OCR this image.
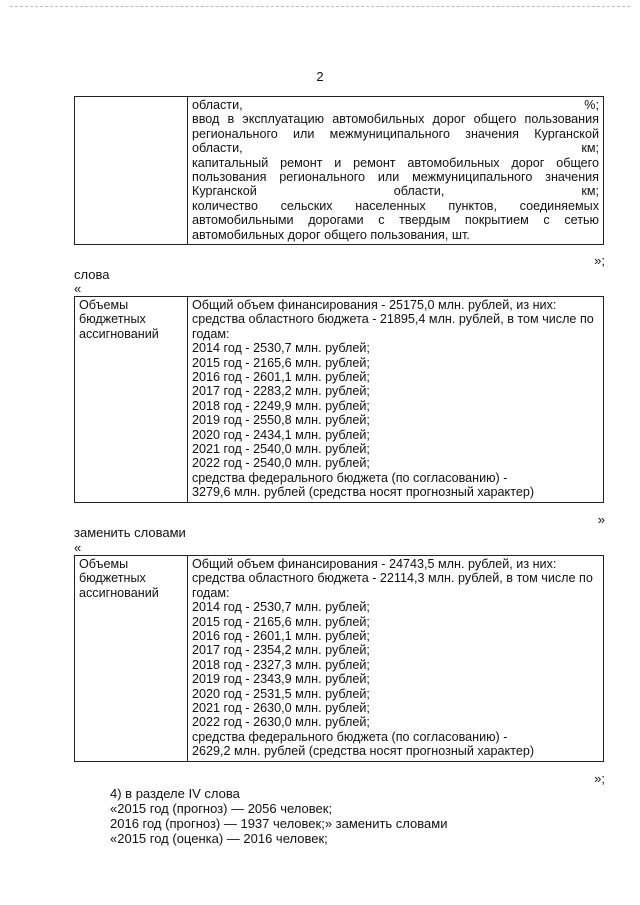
2

области, %;
ввод в эксплуатацию автомобильных дорог общего пользования
регионального или межмуниципального значения Курганской
области, км;
капитальный ремонт и ремонт автомобильных дорог общего
пользования регионального или межмуниципального значения
Курганской области, км;
количество сельских населенных пунктов, соединяемых
автомобильными дорогами с твердым покрытием с сетью
автомобильных дорог общего пользования, шт.
»;
слова
«
Объемы
бюджетных
ассигнований

Общий объем финансирования - 25175,0 млн. рублей, из них:
средства областного бюджета - 21895,4 млн. рублей, в том числе по
годам:
2014 год - 2530,7 млн. рублей;
2015 год - 2165,6 млн. рублей;
2016 год - 2601,1 млн. рублей;
2017 год - 2283,2 млн. рублей;
2018 год - 2249,9 млн. рублей;
2019 год - 2550,8 млн. рублей;
2020 год - 2434,1 млн. рублей;
2021 год - 2540,0 млн. рублей;
2022 год - 2540,0 млн. рублей;
средства федерального бюджета (по согласованию) -
3279,6 млн. рублей (средства носят прогнозный характер)
»
заменить словами
«
Объемы
бюджетных
ассигнований

Общий объем финансирования - 24743,5 млн. рублей, из них:
средства областного бюджета - 22114,3 млн. рублей, в том числе по
годам:
2014 год - 2530,7 млн. рублей;
2015 год - 2165,6 млн. рублей;
2016 год - 2601,1 млн. рублей;
2017 год - 2354,2 млн. рублей;
2018 год - 2327,3 млн. рублей;
2019 год - 2343,9 млн. рублей;
2020 год - 2531,5 млн. рублей;
2021 год - 2630,0 млн. рублей;
2022 год - 2630,0 млн. рублей;
средства федерального бюджета (по согласованию) -
2629,2 млн. рублей (средства носят прогнозный характер)
»;
4) в разделе IV слова
«2015 год (прогноз) — 2056 человек;
2016 год (прогноз) — 1937 человек;» заменить словами
«2015 год (оценка) — 2016 человек;
